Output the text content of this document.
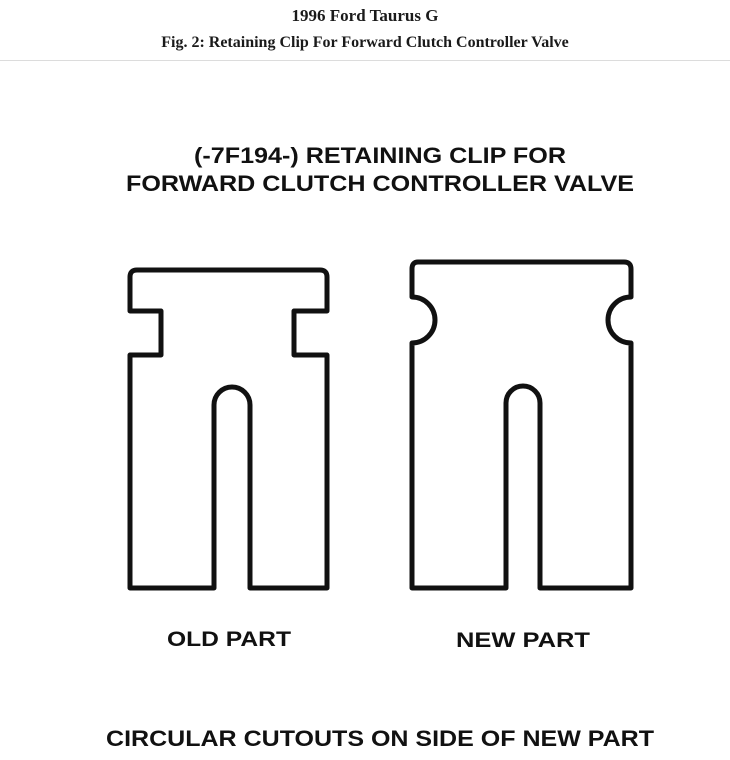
1996 Ford Taurus G
Fig. 2: Retaining Clip For Forward Clutch Controller Valve
(-7F194-) RETAINING CLIP FOR
FORWARD CLUTCH CONTROLLER VALVE
OLD PART	NEW PART
CIRCULAR CUTOUTS ON SIDE OF NEW PART
